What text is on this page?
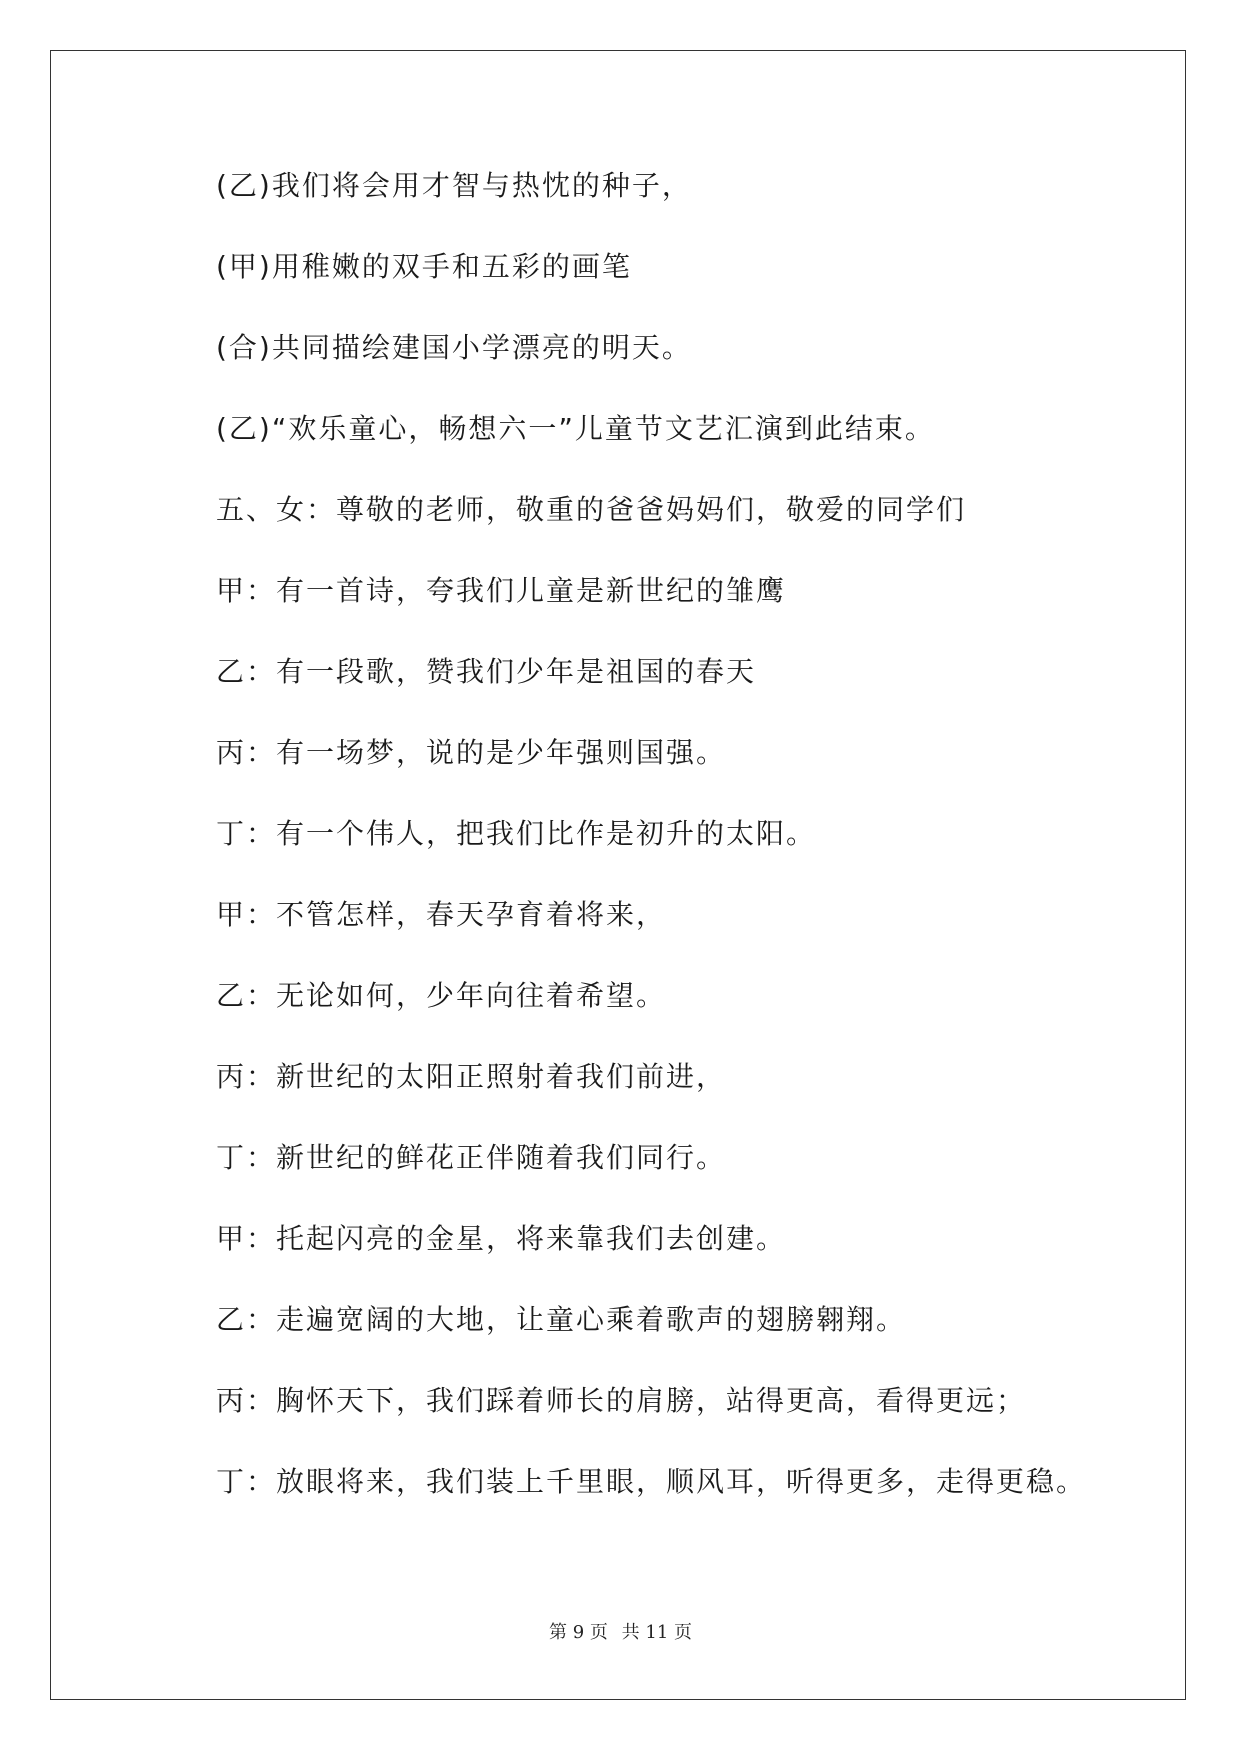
(乙)我们将会用才智与热忱的种子，
(甲)用稚嫩的双手和五彩的画笔
(合)共同描绘建国小学漂亮的明天。
(乙)“欢乐童心，畅想六一”儿童节文艺汇演到此结束。
五、女：尊敬的老师，敬重的爸爸妈妈们，敬爱的同学们
甲：有一首诗，夸我们儿童是新世纪的雏鹰
乙：有一段歌，赞我们少年是祖国的春天
丙：有一场梦，说的是少年强则国强。
丁：有一个伟人，把我们比作是初升的太阳。
甲：不管怎样，春天孕育着将来，
乙：无论如何，少年向往着希望。
丙：新世纪的太阳正照射着我们前进，
丁：新世纪的鲜花正伴随着我们同行。
甲：托起闪亮的金星，将来靠我们去创建。
乙：走遍宽阔的大地，让童心乘着歌声的翅膀翱翔。
丙：胸怀天下，我们踩着师长的肩膀，站得更高，看得更远；
丁：放眼将来，我们装上千里眼，顺风耳，听得更多，走得更稳。
第 9 页 共 11 页
